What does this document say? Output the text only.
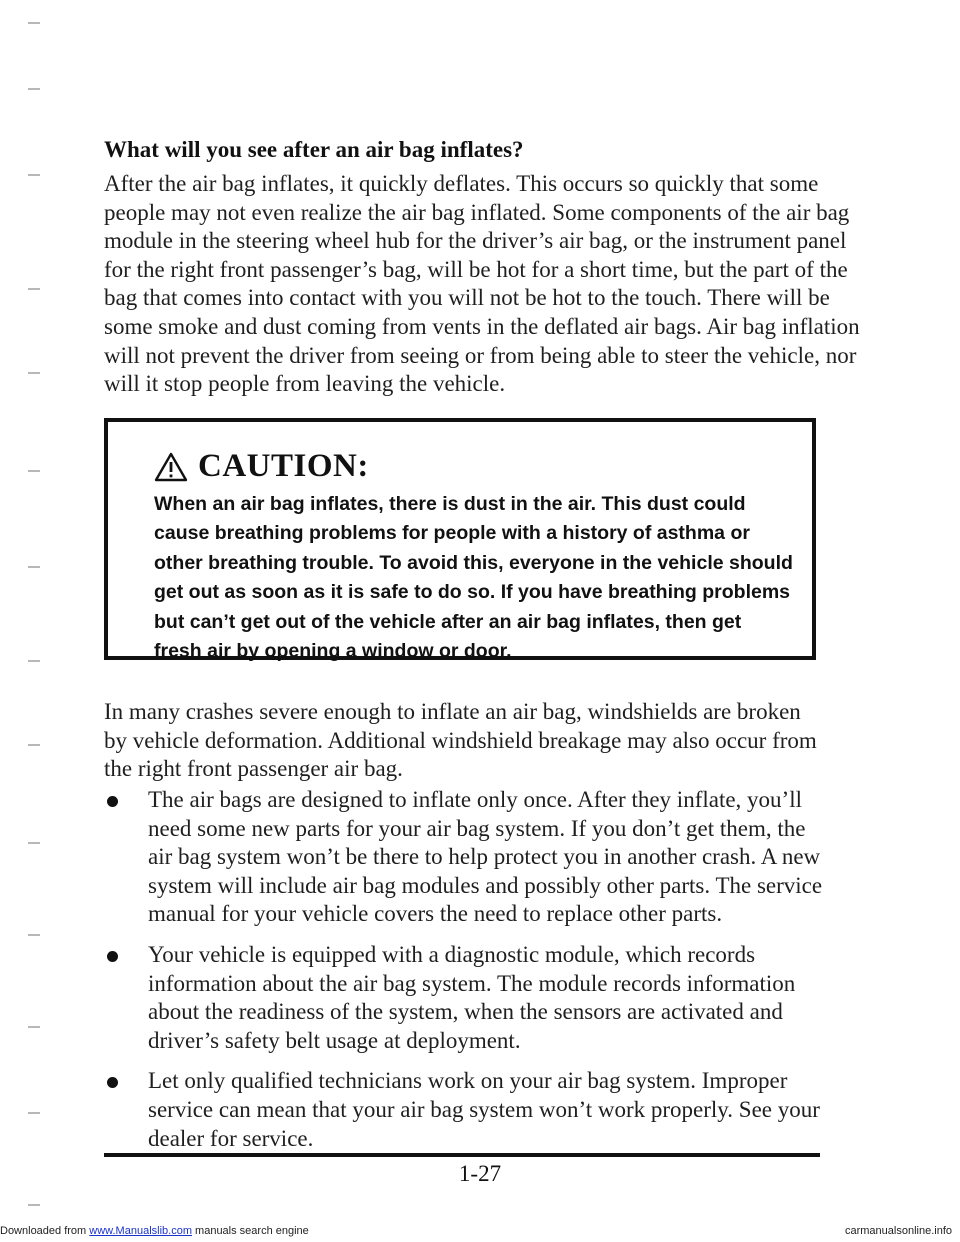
What will you see after an air bag inflates?
After the air bag inflates, it quickly deflates. This occurs so quickly that some people may not even realize the air bag inflated. Some components of the air bag module in the steering wheel hub for the driver’s air bag, or the instrument panel for the right front passenger’s bag, will be hot for a short time, but the part of the bag that comes into contact with you will not be hot to the touch. There will be some smoke and dust coming from vents in the deflated air bags. Air bag inflation will not prevent the driver from seeing or from being able to steer the vehicle, nor will it stop people from leaving the vehicle.
CAUTION:
When an air bag inflates, there is dust in the air. This dust could cause breathing problems for people with a history of asthma or other breathing trouble. To avoid this, everyone in the vehicle should get out as soon as it is safe to do so. If you have breathing problems but can’t get out of the vehicle after an air bag inflates, then get fresh air by opening a window or door.
In many crashes severe enough to inflate an air bag, windshields are broken by vehicle deformation. Additional windshield breakage may also occur from the right front passenger air bag.
The air bags are designed to inflate only once. After they inflate, you’ll need some new parts for your air bag system. If you don’t get them, the air bag system won’t be there to help protect you in another crash. A new system will include air bag modules and possibly other parts. The service manual for your vehicle covers the need to replace other parts.
Your vehicle is equipped with a diagnostic module, which records information about the air bag system. The module records information about the readiness of the system, when the sensors are activated and driver’s safety belt usage at deployment.
Let only qualified technicians work on your air bag system. Improper service can mean that your air bag system won’t work properly. See your dealer for service.
1-27
Downloaded from www.Manualslib.com manuals search engine	carmanualsonline.info
